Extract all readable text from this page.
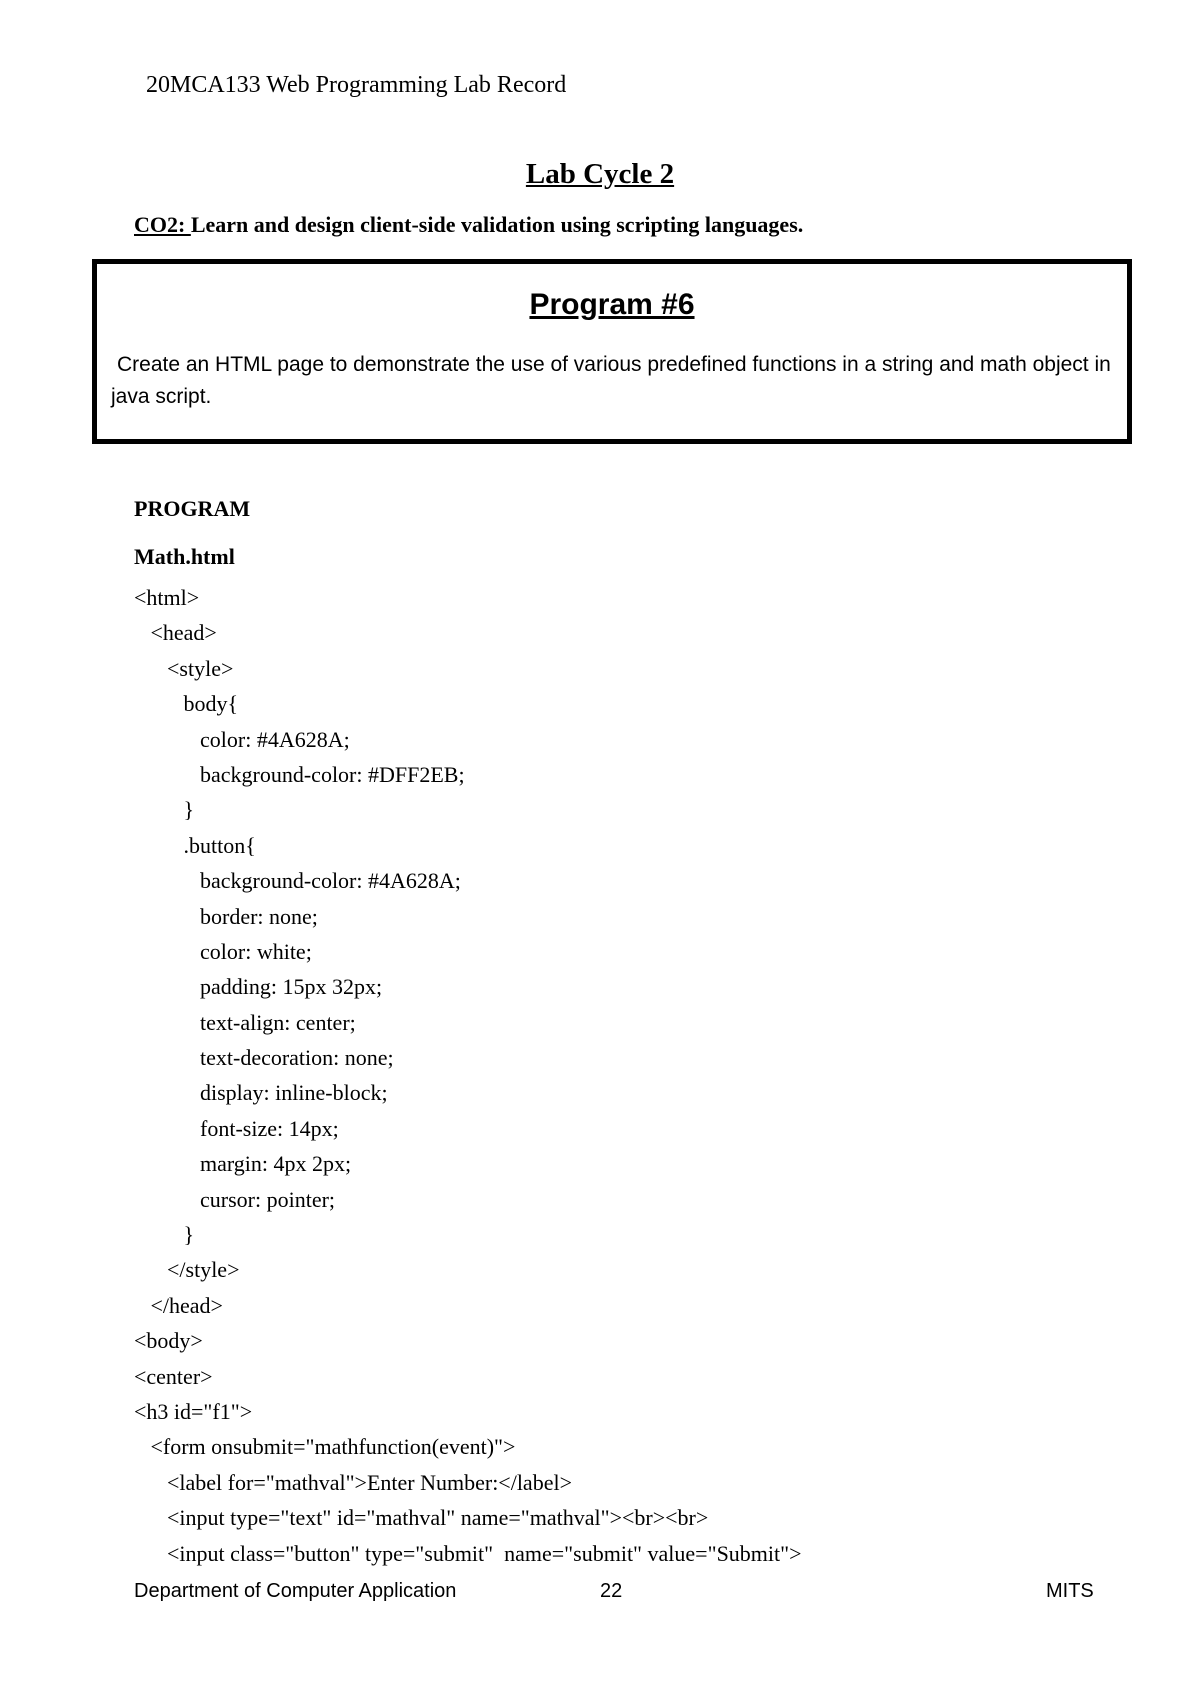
20MCA133 Web Programming Lab Record
Lab Cycle 2
CO2: Learn and design client-side validation using scripting languages.
Program #6
Create an HTML page to demonstrate the use of various predefined functions in a string and math object in java script.
PROGRAM
Math.html
<html>
<head>
<style>
body{
color: #4A628A;
background-color: #DFF2EB;
}
.button{
background-color: #4A628A;
border: none;
color: white;
padding: 15px 32px;
text-align: center;
text-decoration: none;
display: inline-block;
font-size: 14px;
margin: 4px 2px;
cursor: pointer;
}
</style>
</head>
<body>
<center>
<h3 id="f1">
<form onsubmit="mathfunction(event)">
<label for="mathval">Enter Number:</label>
<input type="text" id="mathval" name="mathval"><br><br>
<input class="button" type="submit"  name="submit" value="Submit">
Department of Computer Application	22	MITS
